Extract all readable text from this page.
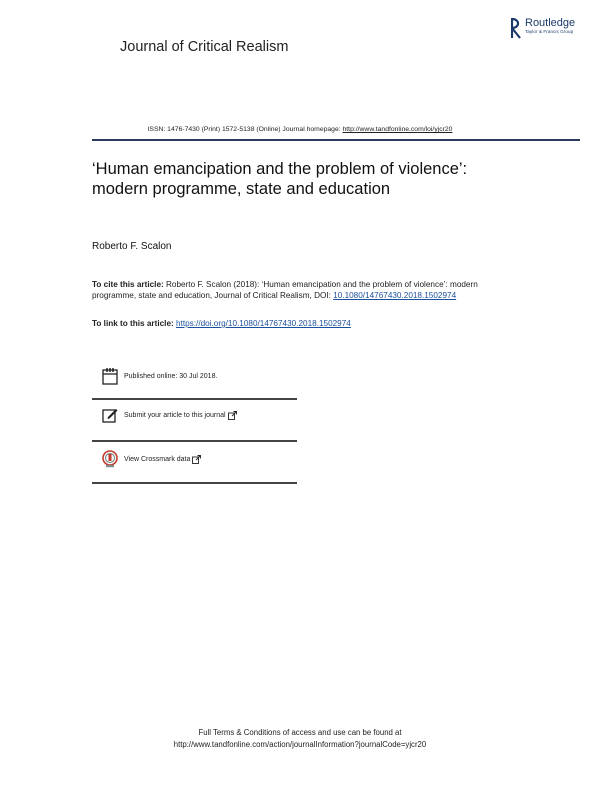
Journal of Critical Realism
Routledge
Taylor & Francis Group
ISSN: 1476-7430 (Print) 1572-5138 (Online) Journal homepage: http://www.tandfonline.com/loi/yjcr20
‘Human emancipation and the problem of violence’: modern programme, state and education
Roberto F. Scalon
To cite this article: Roberto F. Scalon (2018): ‘Human emancipation and the problem of violence’: modern programme, state and education, Journal of Critical Realism, DOI: 10.1080/14767430.2018.1502974
To link to this article: https://doi.org/10.1080/14767430.2018.1502974
Published online: 30 Jul 2018.
Submit your article to this journal
View Crossmark data
Full Terms & Conditions of access and use can be found at
http://www.tandfonline.com/action/journalInformation?journalCode=yjcr20
